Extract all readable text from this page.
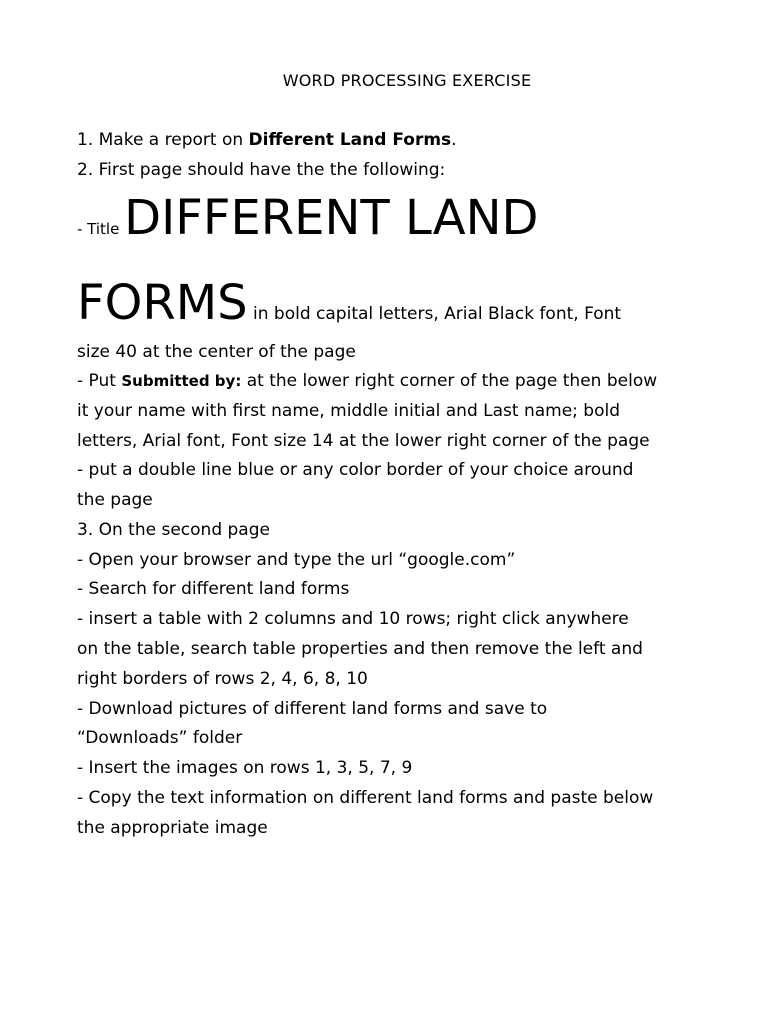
WORD PROCESSING EXERCISE
1. Make a report on Different Land Forms.
2. First page should have the the following:
- Title DIFFERENT LAND
FORMS in bold capital letters, Arial Black font, Font
size 40 at the center of the page
- Put Submitted by: at the lower right corner of the page then below
it your name with first name, middle initial and Last name; bold
letters, Arial font, Font size 14 at the lower right corner of the page
- put a double line blue or any color border of your choice around
the page
3. On the second page
- Open your browser and type the url “google.com”
- Search for different land forms
- insert a table with 2 columns and 10 rows; right click anywhere
on the table, search table properties and then remove the left and
right borders of rows 2, 4, 6, 8, 10
- Download pictures of different land forms and save to
“Downloads” folder
- Insert the images on rows 1, 3, 5, 7, 9
- Copy the text information on different land forms and paste below
the appropriate image
